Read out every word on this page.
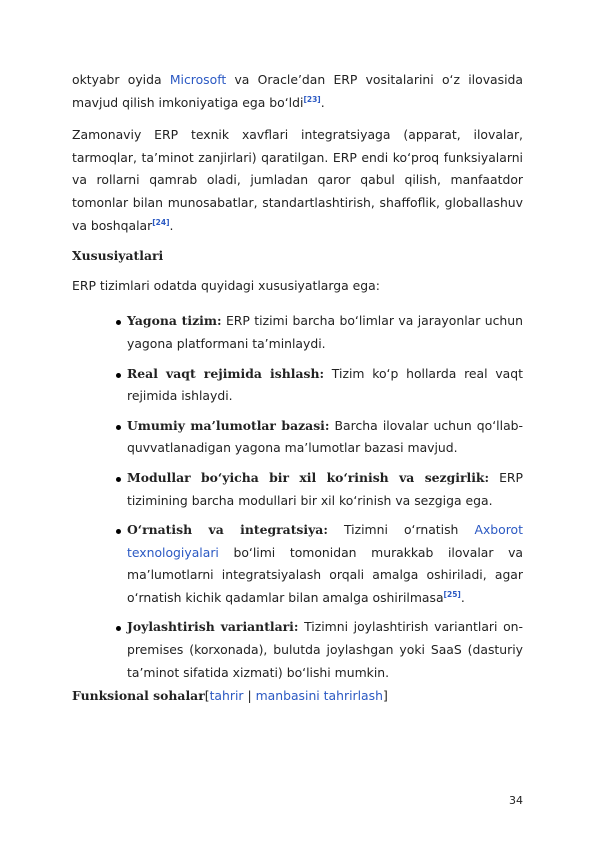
oktyabr oyida Microsoft va Oracle’dan ERP vositalarini o‘z ilovasida mavjud qilish imkoniyatiga ega bo‘ldi[23].

Zamonaviy ERP texnik xavflari integratsiyaga (apparat, ilovalar, tarmoqlar, ta’minot zanjirlari) qaratilgan. ERP endi ko‘proq funksiyalarni va rollarni qamrab oladi, jumladan qaror qabul qilish, manfaatdor tomonlar bilan munosabatlar, standartlashtirish, shaffoflik, globallashuv va boshqalar[24].

Xususiyatlari

ERP tizimlari odatda quyidagi xususiyatlarga ega:

Yagona tizim: ERP tizimi barcha bo‘limlar va jarayonlar uchun yagona platformani ta’minlaydi.
Real vaqt rejimida ishlash: Tizim ko‘p hollarda real vaqt rejimida ishlaydi.
Umumiy ma’lumotlar bazasi: Barcha ilovalar uchun qo‘llab-quvvatlanadigan yagona ma’lumotlar bazasi mavjud.
Modullar bo‘yicha bir xil ko‘rinish va sezgirlik: ERP tizimining barcha modullari bir xil ko‘rinish va sezgiga ega.
O‘rnatish va integratsiya: Tizimni o‘rnatish Axborot texnologiyalari bo‘limi tomonidan murakkab ilovalar va ma’lumotlarni integratsiyalash orqali amalga oshiriladi, agar o‘rnatish kichik qadamlar bilan amalga oshirilmasa[25].
Joylashtirish variantlari: Tizimni joylashtirish variantlari on-premises (korxonada), bulutda joylashgan yoki SaaS (dasturiy ta’minot sifatida xizmati) bo‘lishi mumkin.

Funksional sohalar[tahrir | manbasini tahrirlash]

34
